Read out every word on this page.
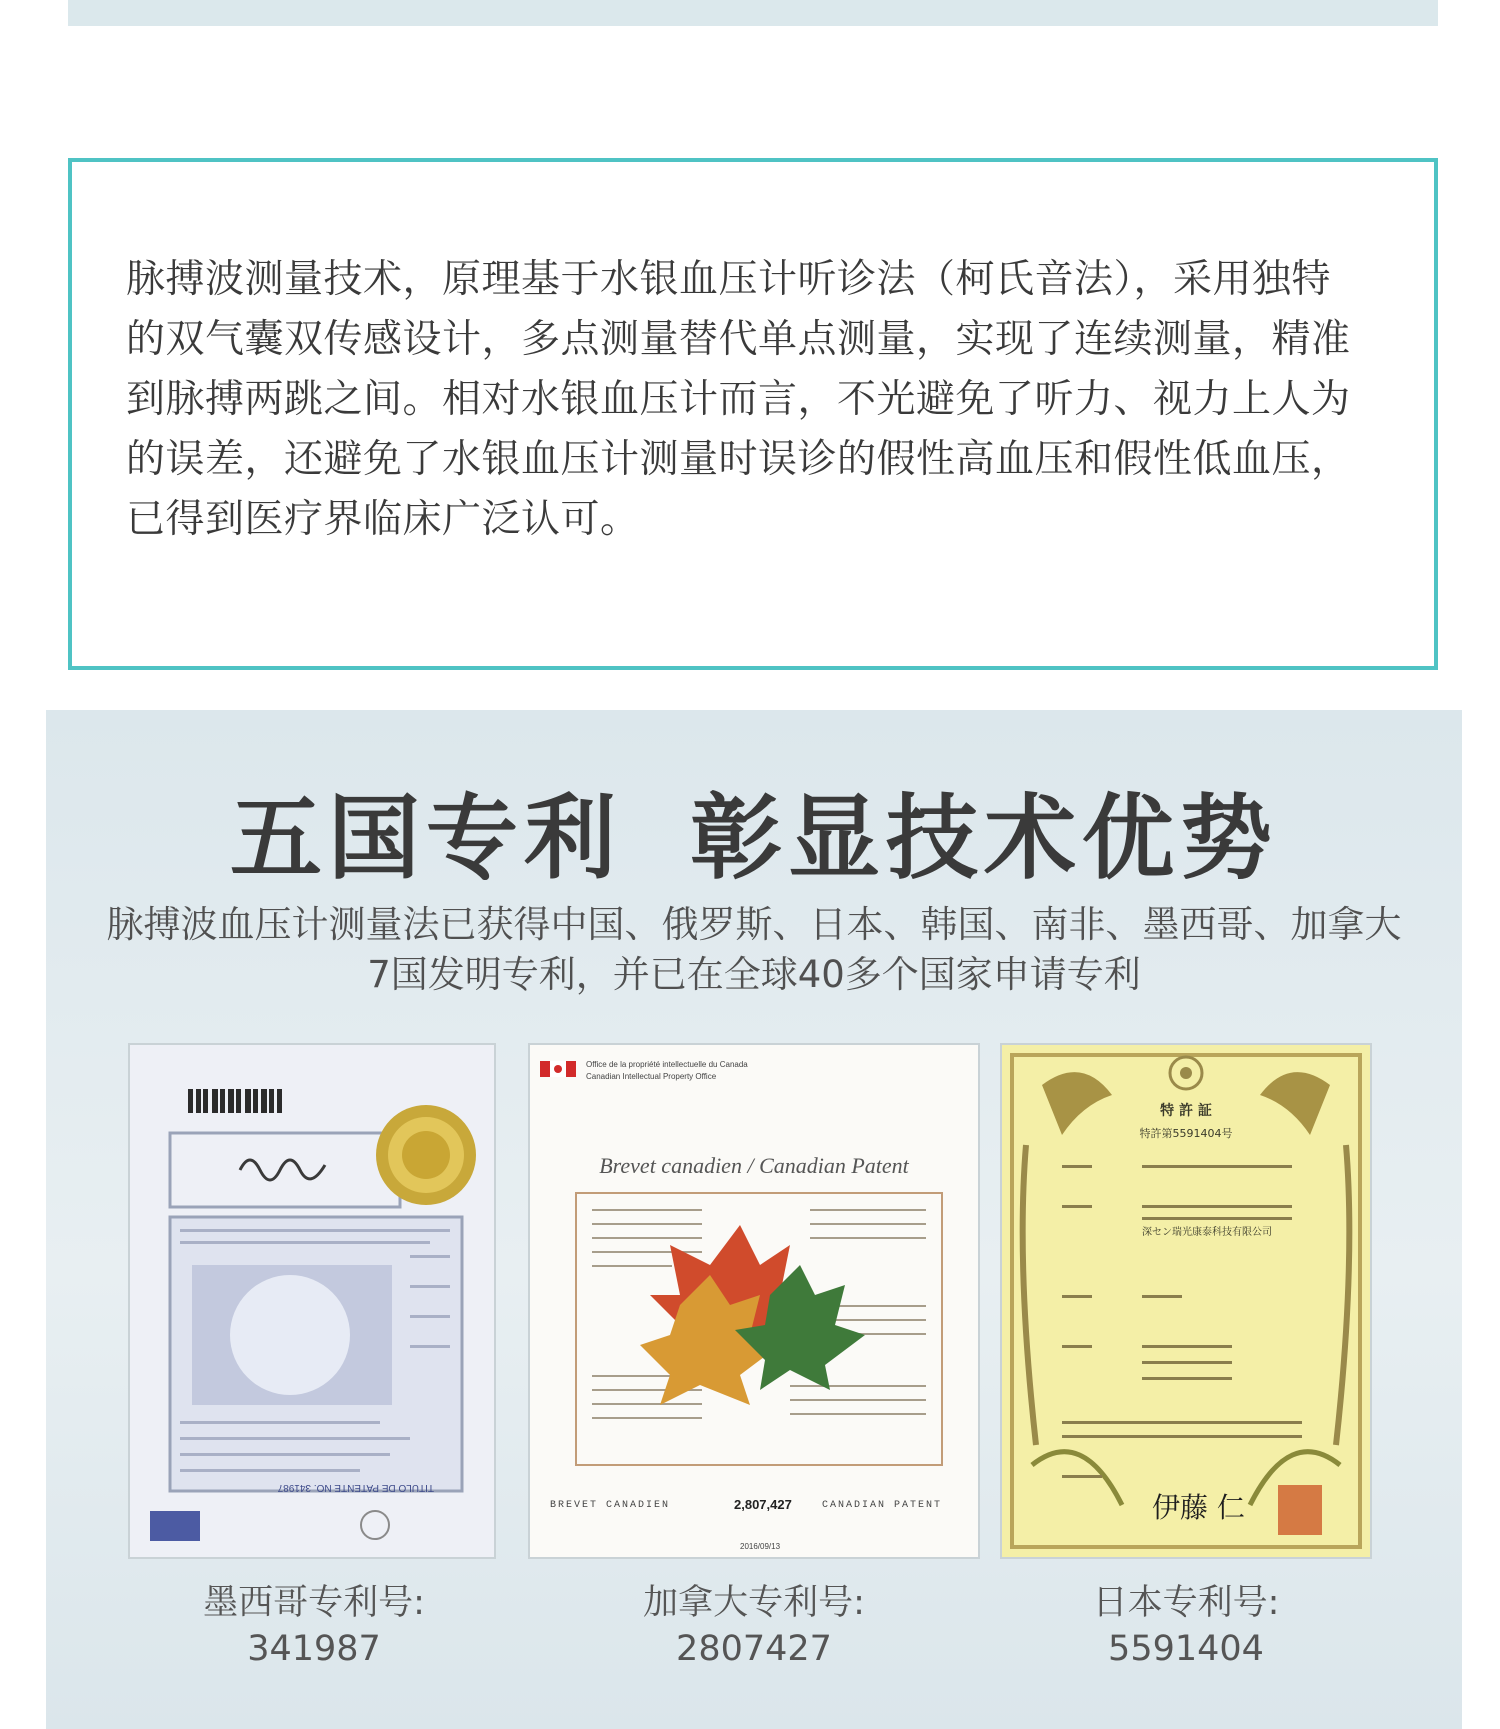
脉搏波测量技术，原理基于水银血压计听诊法（柯氏音法），采用独特
的双气囊双传感设计，多点测量替代单点测量，实现了连续测量，精准
到脉搏两跳之间。相对水银血压计而言，不光避免了听力、视力上人为
的误差，还避免了水银血压计测量时误诊的假性高血压和假性低血压，
已得到医疗界临床广泛认可。

五国专利 彰显技术优势

脉搏波血压计测量法已获得中国、俄罗斯、日本、韩国、南非、墨西哥、加拿大
7国发明专利，并已在全球40多个国家申请专利

TITULO DE PATENTE NO. 341987
Office de la propriété intellectuelle du Canada
Canadian Intellectual Property Office
Brevet canadien / Canadian Patent
BREVET CANADIEN	2,807,427	CANADIAN PATENT
2016/09/13
特 許 証
特許第5591404号
深セン瑞光康泰科技有限公司
伊藤 仁
墨西哥专利号:
341987
加拿大专利号:
2807427
日本专利号:
5591404
